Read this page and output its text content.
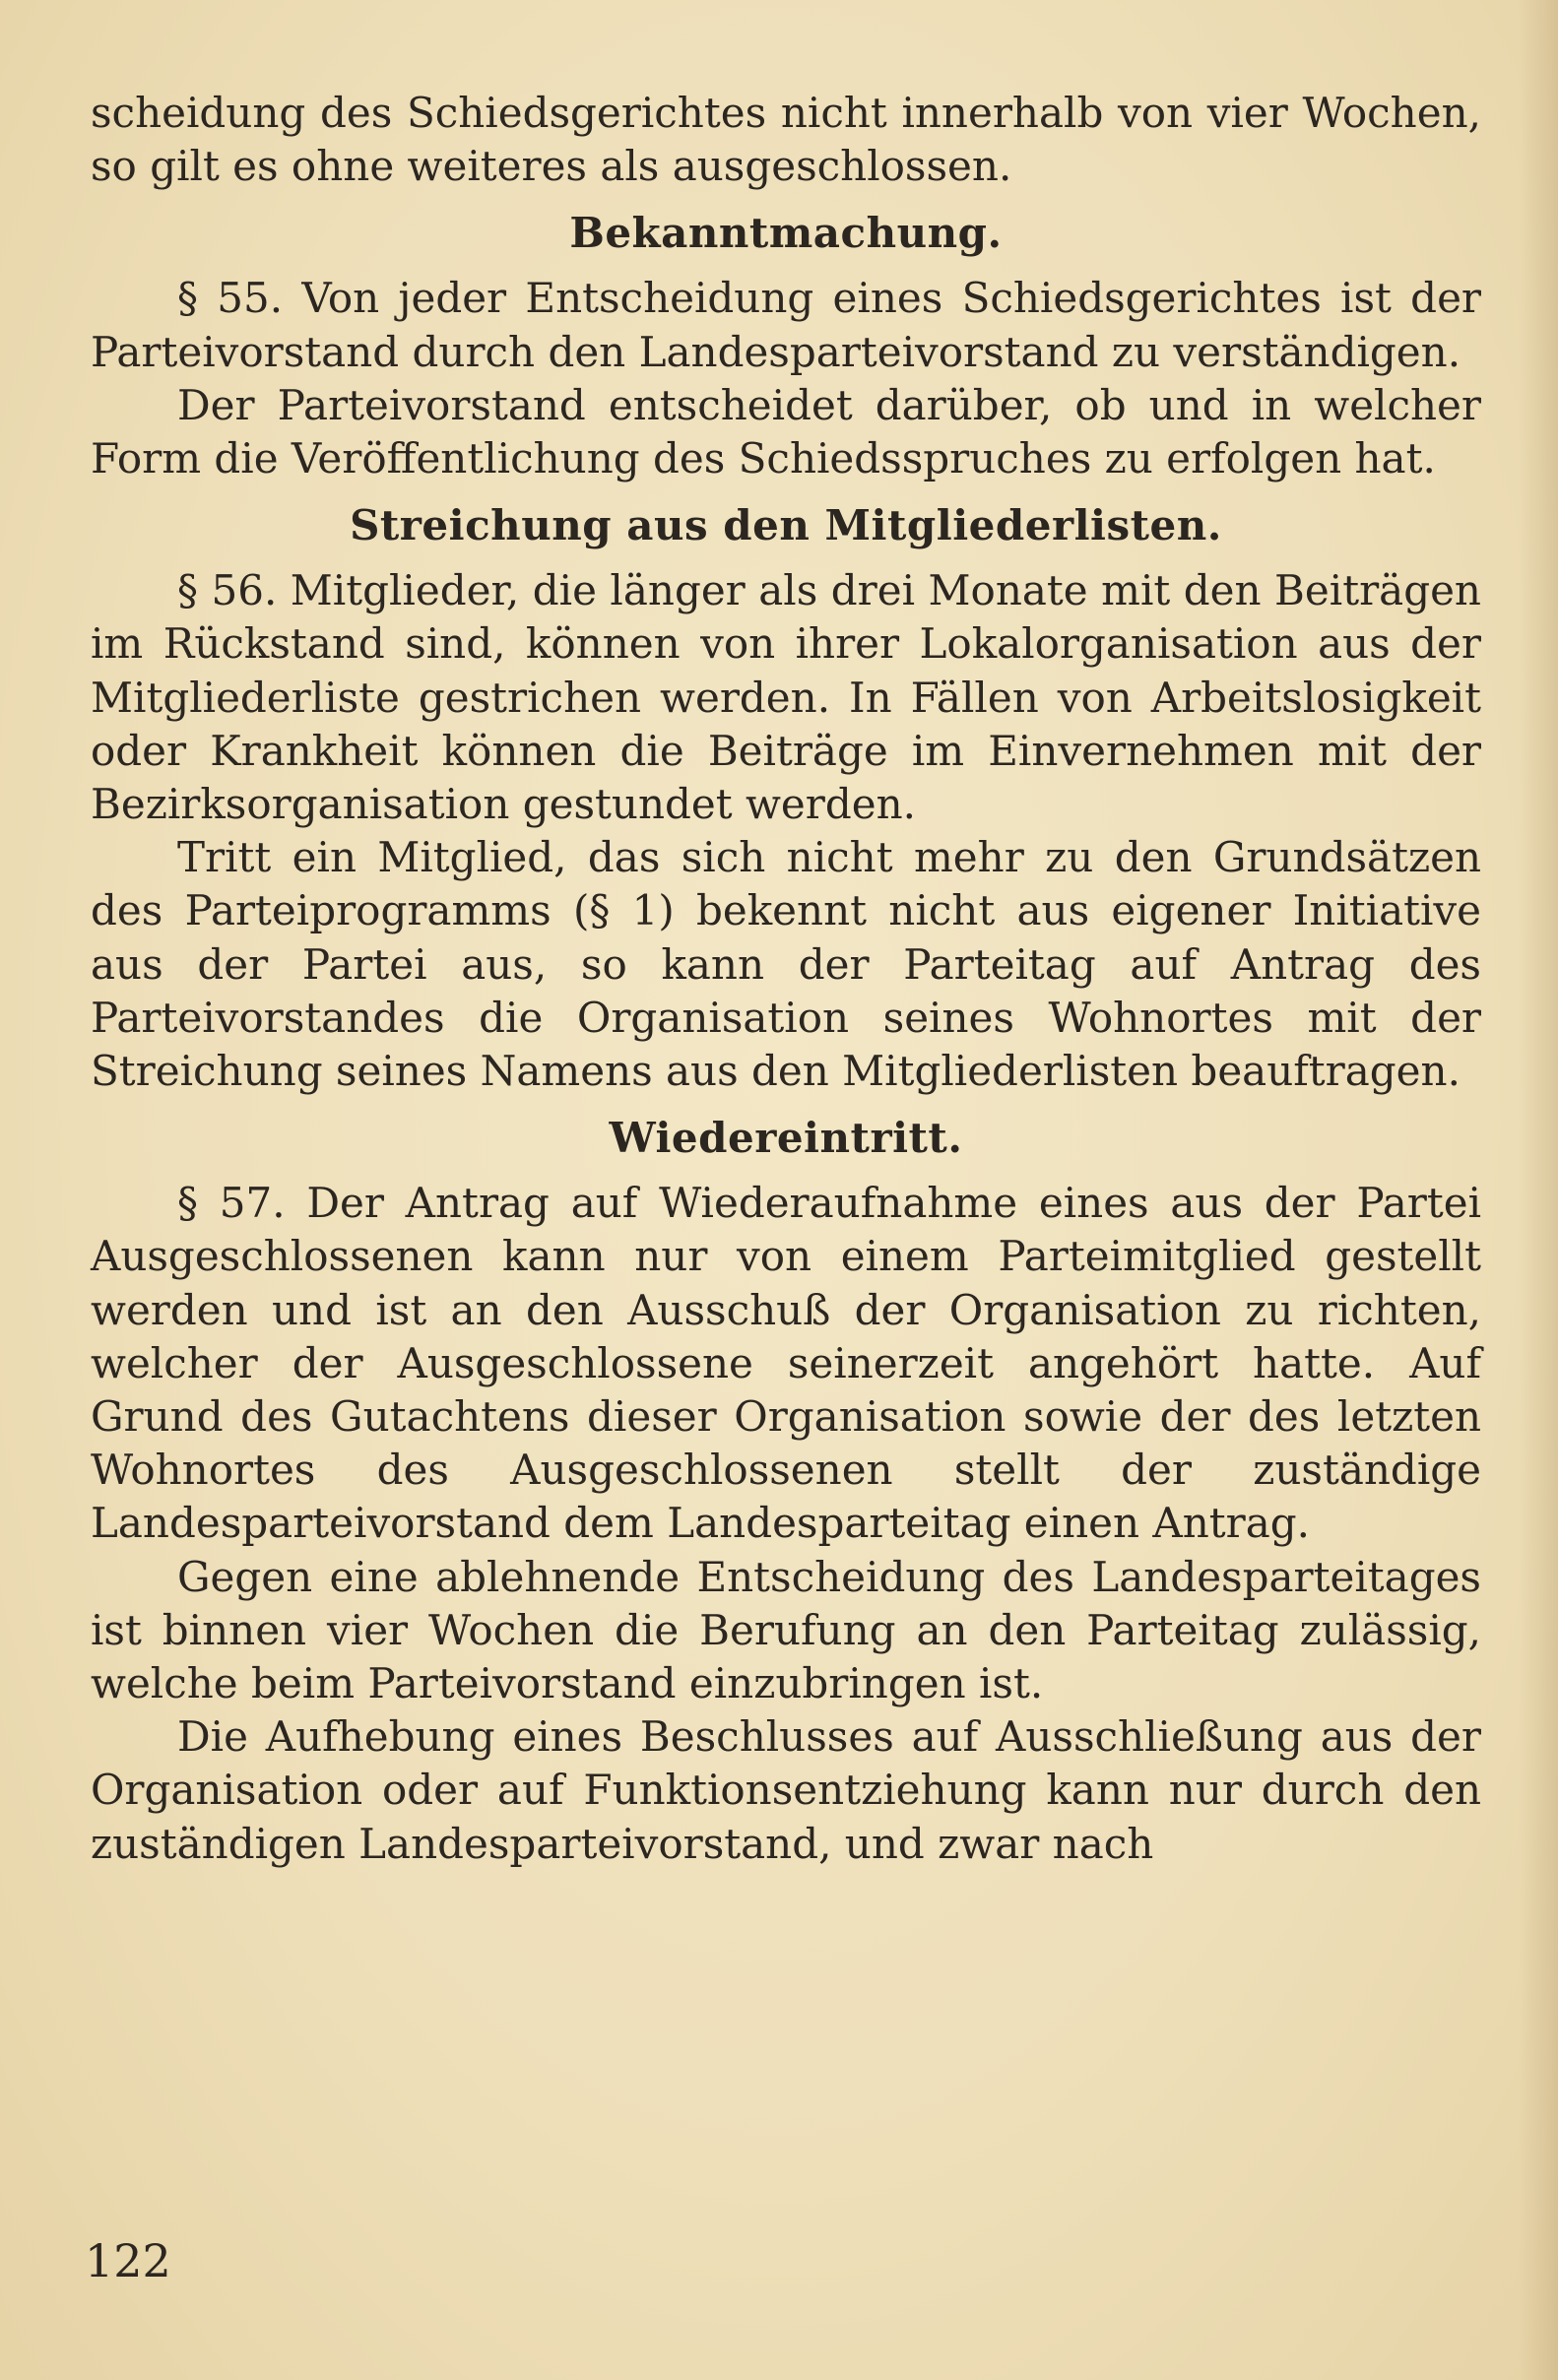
scheidung des Schiedsgerichtes nicht innerhalb von vier Wochen, so gilt es ohne weiteres als ausgeschlossen.

Bekanntmachung.

§ 55. Von jeder Entscheidung eines Schiedsgerichtes ist der Parteivorstand durch den Landesparteivorstand zu verständigen.

Der Parteivorstand entscheidet darüber, ob und in welcher Form die Veröffentlichung des Schiedsspruches zu erfolgen hat.

Streichung aus den Mitgliederlisten.

§ 56. Mitglieder, die länger als drei Monate mit den Beiträgen im Rückstand sind, können von ihrer Lokalorganisation aus der Mitgliederliste gestrichen werden. In Fällen von Arbeitslosigkeit oder Krankheit können die Beiträge im Einvernehmen mit der Bezirksorganisation gestundet werden.

Tritt ein Mitglied, das sich nicht mehr zu den Grundsätzen des Parteiprogramms (§ 1) bekennt nicht aus eigener Initiative aus der Partei aus, so kann der Parteitag auf Antrag des Parteivorstandes die Organisation seines Wohnortes mit der Streichung seines Namens aus den Mitgliederlisten beauftragen.

Wiedereintritt.

§ 57. Der Antrag auf Wiederaufnahme eines aus der Partei Ausgeschlossenen kann nur von einem Parteimitglied gestellt werden und ist an den Ausschuß der Organisation zu richten, welcher der Ausgeschlossene seinerzeit angehört hatte. Auf Grund des Gutachtens dieser Organisation sowie der des letzten Wohnortes des Ausgeschlossenen stellt der zuständige Landesparteivorstand dem Landesparteitag einen Antrag.

Gegen eine ablehnende Entscheidung des Landesparteitages ist binnen vier Wochen die Berufung an den Parteitag zulässig, welche beim Parteivorstand einzubringen ist.

Die Aufhebung eines Beschlusses auf Ausschließung aus der Organisation oder auf Funktionsentziehung kann nur durch den zuständigen Landesparteivorstand, und zwar nach

122
